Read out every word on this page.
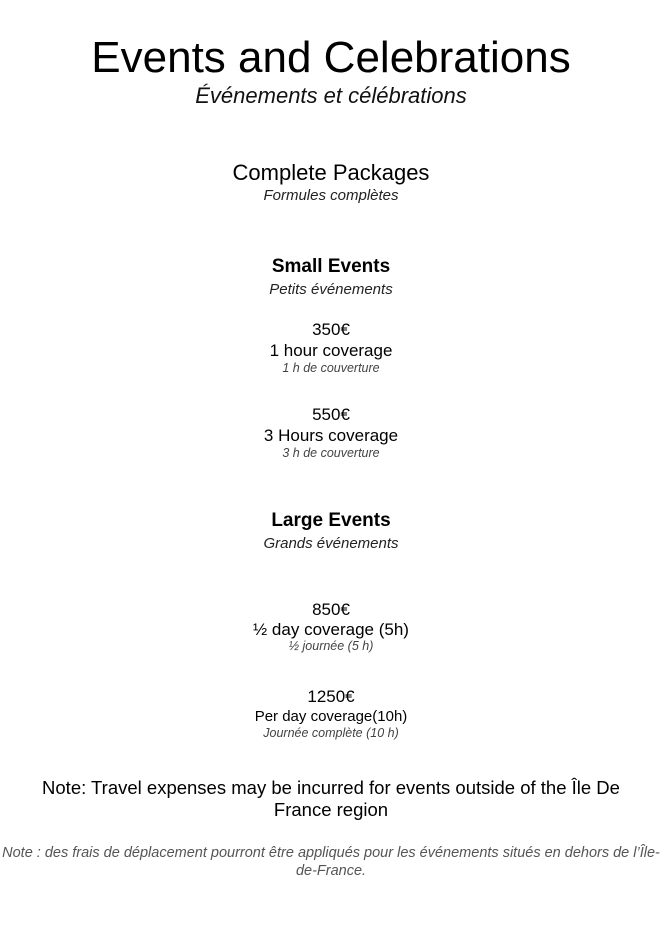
Events and Celebrations
Événements et célébrations
Complete Packages
Formules complètes
Small Events
Petits événements
350€
1 hour coverage
1 h de couverture
550€
3 Hours coverage
3 h de couverture
Large Events
Grands événements
850€
½ day coverage (5h)
½ journée (5 h)
1250€
Per day coverage(10h)
Journée complète (10 h)

Note: Travel expenses may be incurred for events outside of the Île De France region

Note : des frais de déplacement pourront être appliqués pour les événements situés en dehors de l’Île-de-France.
